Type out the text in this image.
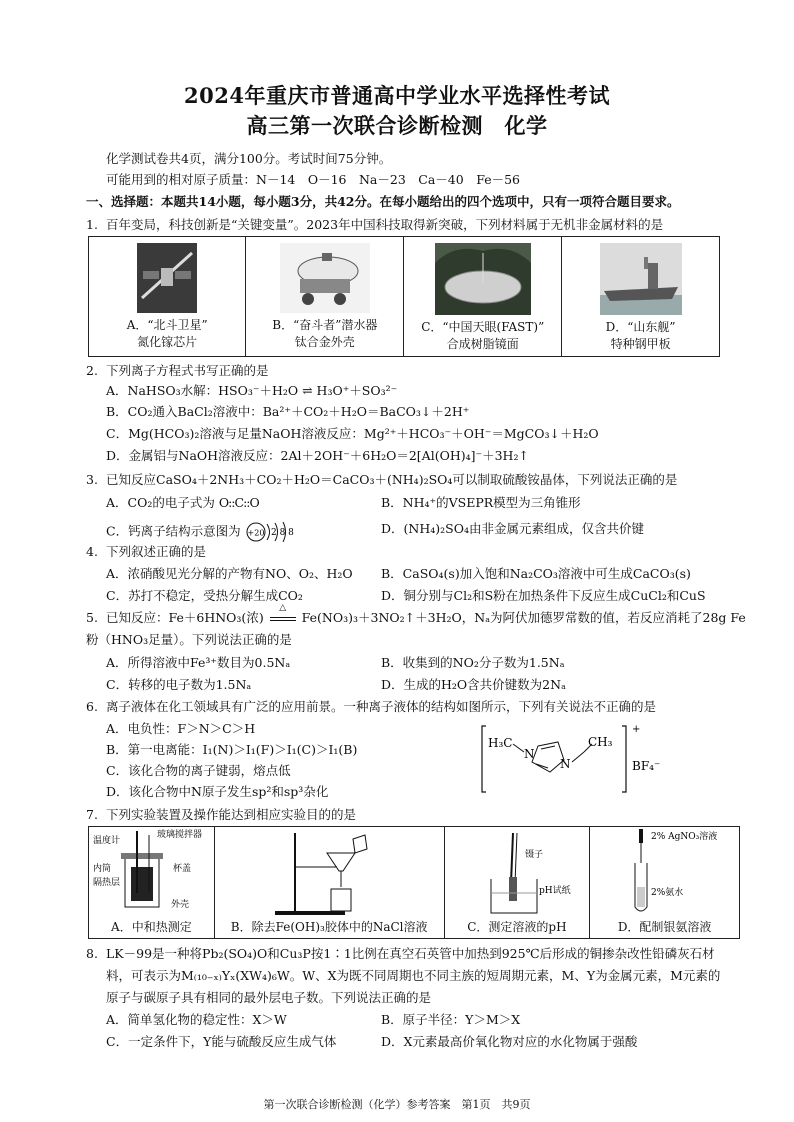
2024年重庆市普通高中学业水平选择性考试
高三第一次联合诊断检测　化学
化学测试卷共4页，满分100分。考试时间75分钟。
可能用到的相对原子质量：N－14　O－16　Na－23　Ca－40　Fe－56
一、选择题：本题共14小题，每小题3分，共42分。在每小题给出的四个选项中，只有一项符合题目要求。
1. 百年变局，科技创新是“关键变量”。2023年中国科技取得新突破，下列材料属于无机非金属材料的是
A．“北斗卫星”
氮化镓芯片

B．“奋斗者”潜水器
钛合金外壳

C．“中国天眼(FAST)”
合成树脂镜面

D．“山东舰”
特种钢甲板
2. 下列离子方程式书写正确的是
A．NaHSO₃水解：HSO₃⁻＋H₂O ⇌ H₃O⁺＋SO₃²⁻
B．CO₂通入BaCl₂溶液中：Ba²⁺＋CO₂＋H₂O＝BaCO₃↓＋2H⁺
C．Mg(HCO₃)₂溶液与足量NaOH溶液反应：Mg²⁺＋HCO₃⁻＋OH⁻＝MgCO₃↓＋H₂O
D．金属铝与NaOH溶液反应：2Al＋2OH⁻＋6H₂O＝2[Al(OH)₄]⁻＋3H₂↑
3. 已知反应CaSO₄＋2NH₃＋CO₂＋H₂O＝CaCO₃＋(NH₄)₂SO₄可以制取硫酸铵晶体，下列说法正确的是
A．CO₂的电子式为 O::C::O	B．NH₄⁺的VSEPR模型为三角锥形
C．钙离子结构示意图为 +20 2 8 8	D．(NH₄)₂SO₄由非金属元素组成，仅含共价键
4. 下列叙述正确的是
A．浓硝酸见光分解的产物有NO、O₂、H₂O B．CaSO₄(s)加入饱和Na₂CO₃溶液中可生成CaCO₃(s)
C．苏打不稳定，受热分解生成CO₂	D．铜分别与Cl₂和S粉在加热条件下反应生成CuCl₂和CuS
5. 已知反应：Fe＋6HNO₃(浓)
△
Fe(NO₃)₃＋3NO₂↑＋3H₂O，Nₐ为阿伏加德罗常数的值，若反应消耗了28g Fe
粉（HNO₃足量）。下列说法正确的是
A．所得溶液中Fe³⁺数目为0.5Nₐ	B．收集到的NO₂分子数为1.5Nₐ
C．转移的电子数为1.5Nₐ	D．生成的H₂O含共价键数为2Nₐ
6. 离子液体在化工领域具有广泛的应用前景。一种离子液体的结构如图所示，下列有关说法不正确的是
A．电负性：F＞N＞C＞H
B．第一电离能：I₁(N)＞I₁(F)＞I₁(C)＞I₁(B)
C．该化合物的离子键弱，熔点低
D．该化合物中N原子发生sp²和sp³杂化
+
BF₄⁻
H₃C
N
N
CH₃
7. 下列实验装置及操作能达到相应实验目的的是
温度计
玻璃搅拌器
内筒	杯盖
隔热层
外壳
A．中和热测定	B．除去Fe(OH)₃胶体中的NaCl溶液

镊子
pH试纸
C．测定溶液的pH

2% AgNO₃溶液
2%氨水
D．配制银氨溶液
8. LK－99是一种将Pb₂(SO₄)O和Cu₃P按1∶1比例在真空石英管中加热到925℃后形成的铜掺杂改性铅磷灰石材
料，可表示为M₍₁₀₋ₓ₎Yₓ(XW₄)₆W。W、X为既不同周期也不同主族的短周期元素，M、Y为金属元素，M元素的
原子与碳原子具有相同的最外层电子数。下列说法正确的是
A．简单氢化物的稳定性：X＞W	B．原子半径：Y＞M＞X
C．一定条件下，Y能与硫酸反应生成气体	D．X元素最高价氧化物对应的水化物属于强酸
第一次联合诊断检测（化学）参考答案　第1页　共9页
